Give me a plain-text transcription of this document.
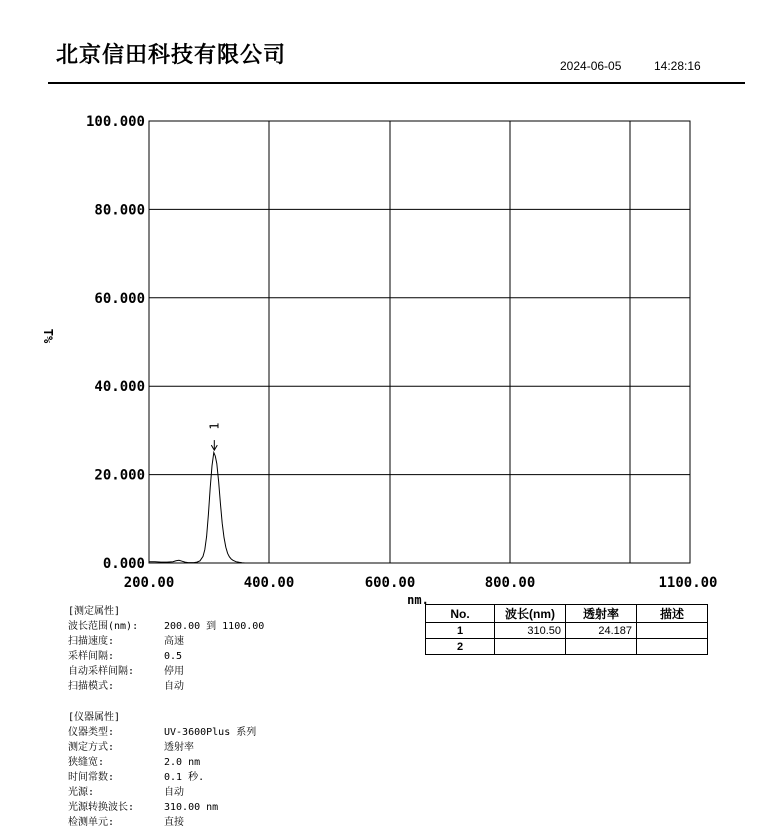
北京信田科技有限公司	2024-06-05	14:28:16
0.000
20.000
40.000
60.000
80.000
100.000
200.00	400.00	600.00	800.00	1100.00
nm.
T%
1
[测定属性]
波长范围(nm):	200.00 到 1100.00
扫描速度:	高速
采样间隔:	0.5
自动采样间隔:	停用
扫描模式:	自动
[仪器属性]
仪器类型:	UV-3600Plus 系列
测定方式:	透射率
狭缝宽:	2.0 nm
时间常数:	0.1 秒.
光源:	自动
光源转换波长:	310.00 nm
检测单元:	直接
No.	波长(nm)	透射率	描述
1	310.50	24.187	
2			
